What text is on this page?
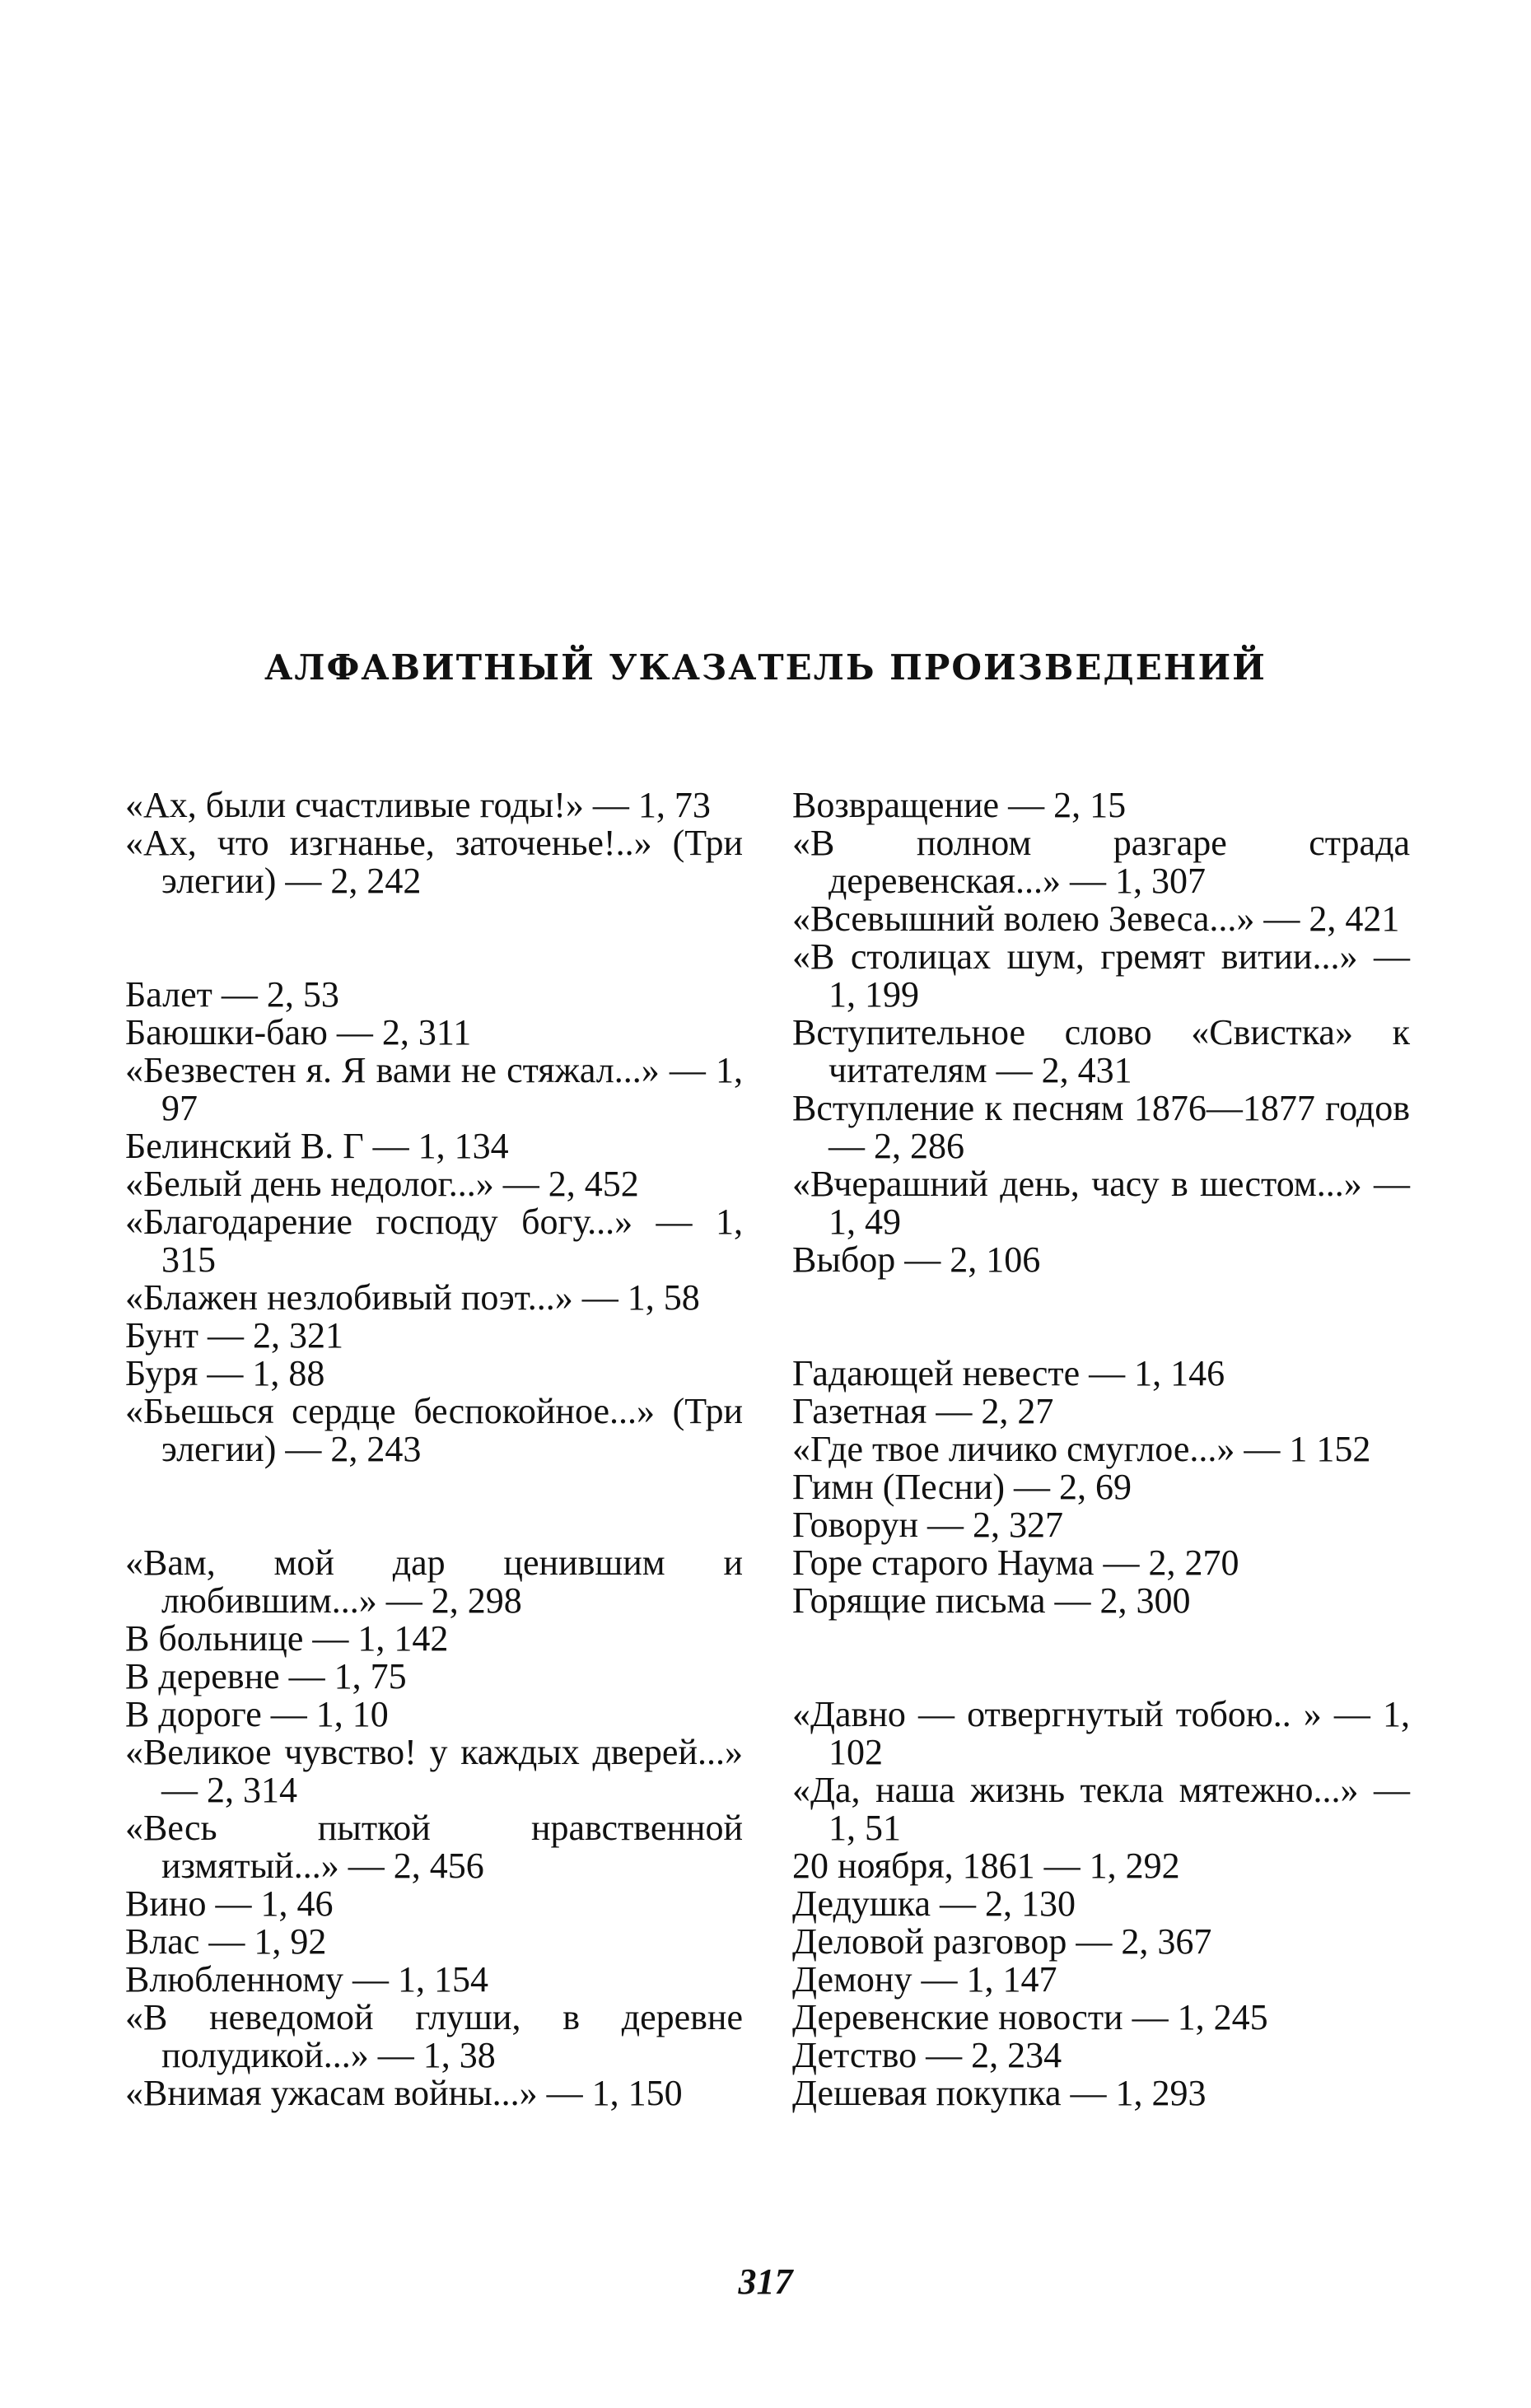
АЛФАВИТНЫЙ УКАЗАТЕЛЬ ПРОИЗВЕДЕНИЙ
«Ах, были счастливые годы!» — 1, 73
«Ах, что изгнанье, заточенье!..» (Три элегии) — 2, 242
Балет — 2, 53
Баюшки-баю — 2, 311
«Безвестен я. Я вами не стяжал...» — 1, 97
Белинский В. Г — 1, 134
«Белый день недолог...» — 2, 452
«Благодарение господу богу...» — 1, 315
«Блажен незлобивый поэт...» — 1, 58
Бунт — 2, 321
Буря — 1, 88
«Бьешься сердце беспокойное...» (Три элегии) — 2, 243
«Вам, мой дар ценившим и любившим...» — 2, 298
В больнице — 1, 142
В деревне — 1, 75
В дороге — 1, 10
«Великое чувство! у каждых дверей...» — 2, 314
«Весь пыткой нравственной измятый...» — 2, 456
Вино — 1, 46
Влас — 1, 92
Влюбленному — 1, 154
«В неведомой глуши, в деревне полудикой...» — 1, 38
«Внимая ужасам войны...» — 1, 150
Возвращение — 2, 15
«В полном разгаре страда деревенская...» — 1, 307
«Всевышний волею Зевеса...» — 2, 421
«В столицах шум, гремят витии...» — 1, 199
Вступительное слово «Свистка» к читателям — 2, 431
Вступление к песням 1876—1877 годов — 2, 286
«Вчерашний день, часу в шестом...» — 1, 49
Выбор — 2, 106
Гадающей невесте — 1, 146
Газетная — 2, 27
«Где твое личико смуглое...» — 1 152
Гимн (Песни) — 2, 69
Говорун — 2, 327
Горе старого Наума — 2, 270
Горящие письма — 2, 300
«Давно — отвергнутый тобою.. » — 1, 102
«Да, наша жизнь текла мятежно...» — 1, 51
20 ноября, 1861 — 1, 292
Дедушка — 2, 130
Деловой разговор — 2, 367
Демону — 1, 147
Деревенские новости — 1, 245
Детство — 2, 234
Дешевая покупка — 1, 293
317
